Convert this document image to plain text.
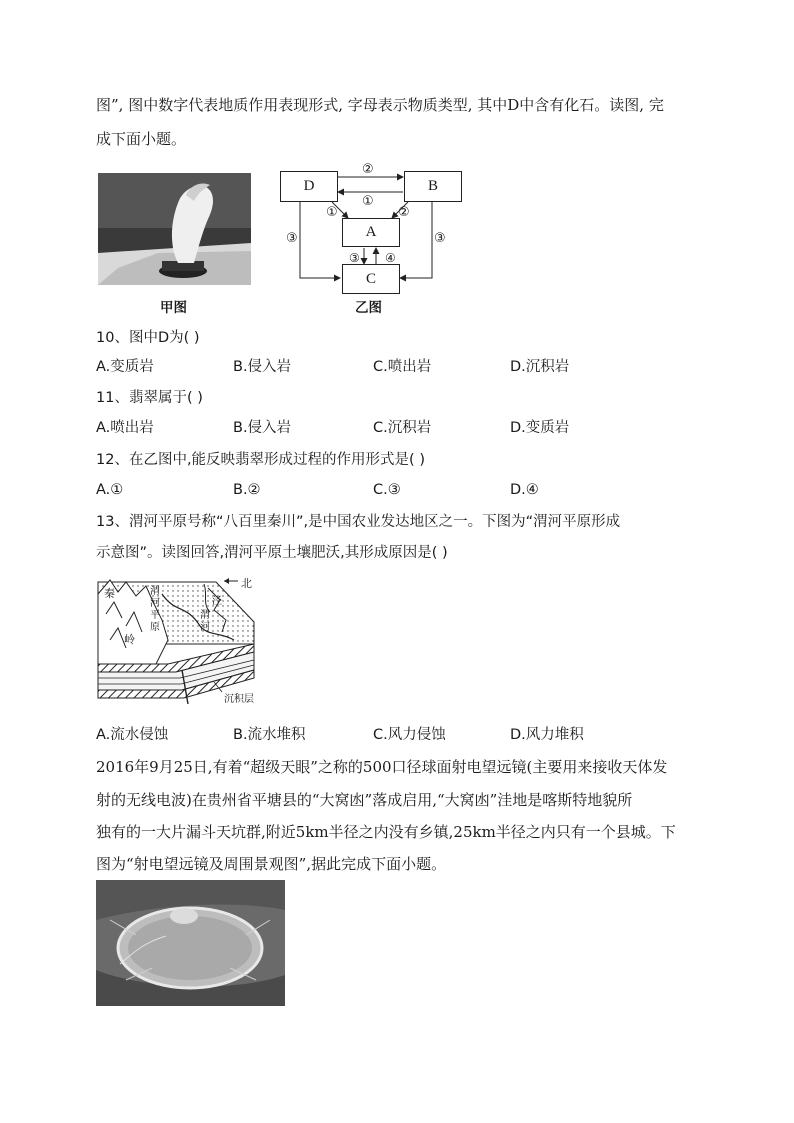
图”, 图中数字代表地质作用表现形式, 字母表示物质类型, 其中D中含有化石。读图, 完
成下面小题。
甲图
D	B
A
C
②
①
①	②
③	③
③ ④
乙图
10、图中D为( )
A.变质岩	B.侵入岩	C.喷出岩	D.沉积岩
11、翡翠属于( )
A.喷出岩	B.侵入岩	C.沉积岩	D.变质岩
12、在乙图中,能反映翡翠形成过程的作用形式是( )
A.①	B.②	C.③	D.④
13、渭河平原号称“八百里秦川”,是中国农业发达地区之一。下图为“渭河平原形成
示意图”。读图回答,渭河平原土壤肥沃,其形成原因是( )
北
秦
岭
渭 河 平 原
泾
渭 河
沉积层
A.流水侵蚀	B.流水堆积	C.风力侵蚀	D.风力堆积
2016年9月25日,有着“超级天眼”之称的500口径球面射电望远镜(主要用来接收天体发
射的无线电波)在贵州省平塘县的“大窝凼”落成启用,“大窝凼”洼地是喀斯特地貌所
独有的一大片漏斗天坑群,附近5km半径之内没有乡镇,25km半径之内只有一个县城。下
图为“射电望远镜及周围景观图”,据此完成下面小题。
